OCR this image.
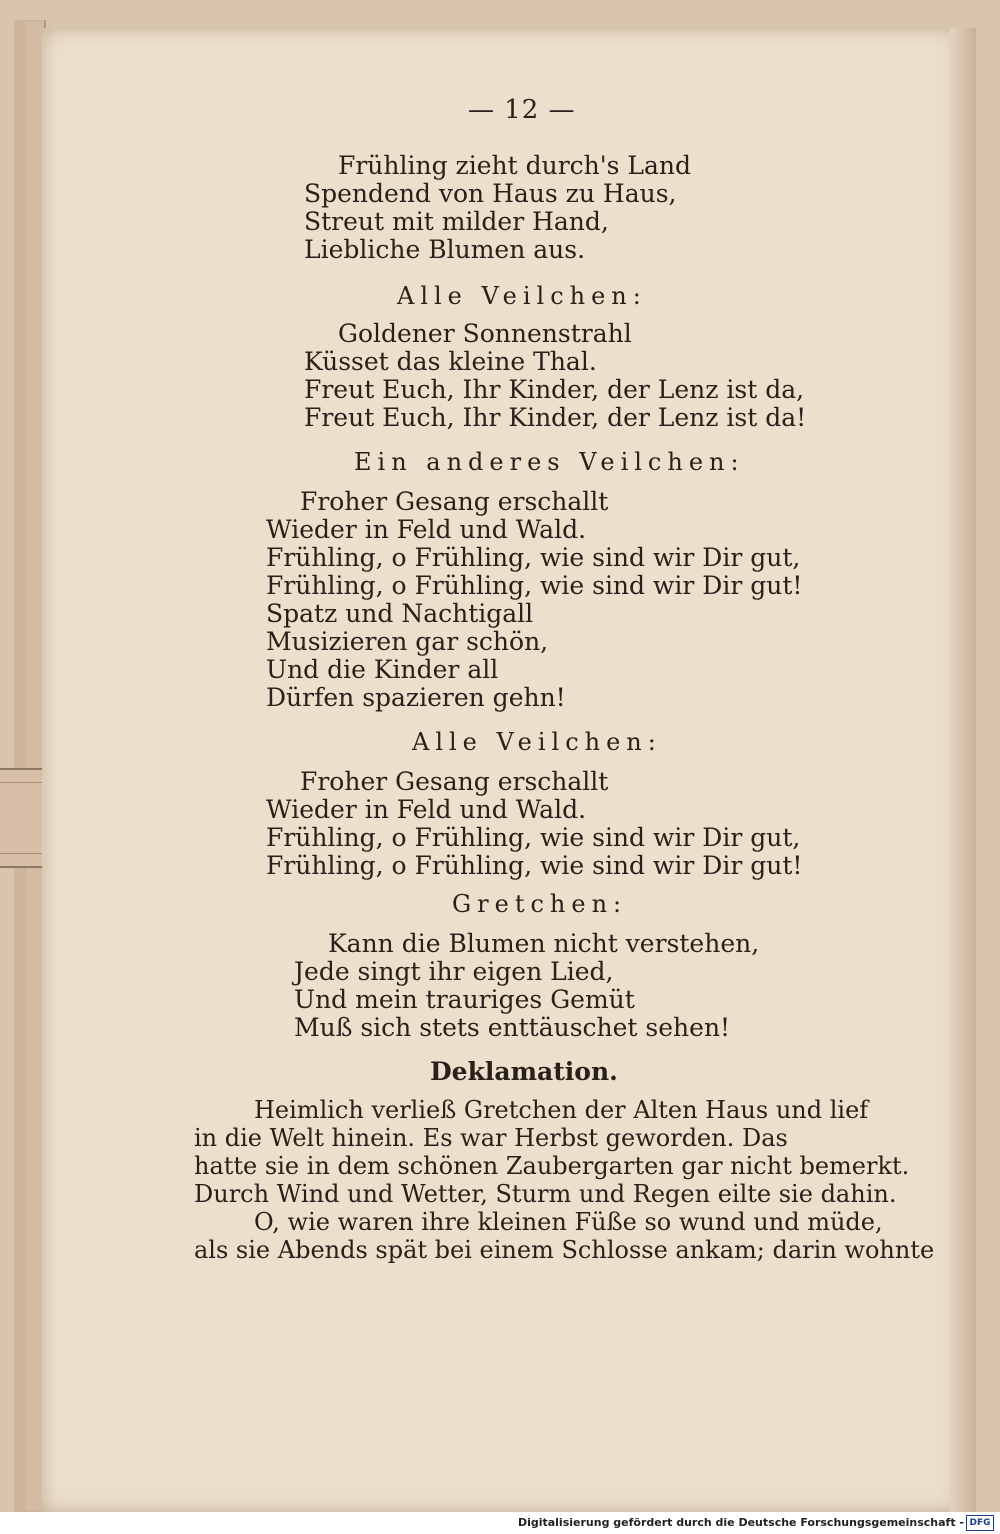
— 12 —
Frühling zieht durch's Land
Spendend von Haus zu Haus,
Streut mit milder Hand,
Liebliche Blumen aus.
Alle Veilchen:
Goldener Sonnenstrahl
Küsset das kleine Thal.
Freut Euch, Ihr Kinder, der Lenz ist da,
Freut Euch, Ihr Kinder, der Lenz ist da!
Ein anderes Veilchen:
Froher Gesang erschallt
Wieder in Feld und Wald.
Frühling, o Frühling, wie sind wir Dir gut,
Frühling, o Frühling, wie sind wir Dir gut!
Spatz und Nachtigall
Musizieren gar schön,
Und die Kinder all
Dürfen spazieren gehn!
Alle Veilchen:
Froher Gesang erschallt
Wieder in Feld und Wald.
Frühling, o Frühling, wie sind wir Dir gut,
Frühling, o Frühling, wie sind wir Dir gut!
Gretchen:
Kann die Blumen nicht verstehen,
Jede singt ihr eigen Lied,
Und mein trauriges Gemüt
Muß sich stets enttäuschet sehen!
Deklamation.
Heimlich verließ Gretchen der Alten Haus und lief
in die Welt hinein. Es war Herbst geworden. Das
hatte sie in dem schönen Zaubergarten gar nicht bemerkt.
Durch Wind und Wetter, Sturm und Regen eilte sie dahin.
O, wie waren ihre kleinen Füße so wund und müde,
als sie Abends spät bei einem Schlosse ankam; darin wohnte
Digitalisierung gefördert durch die Deutsche Forschungsgemeinschaft - DFG
